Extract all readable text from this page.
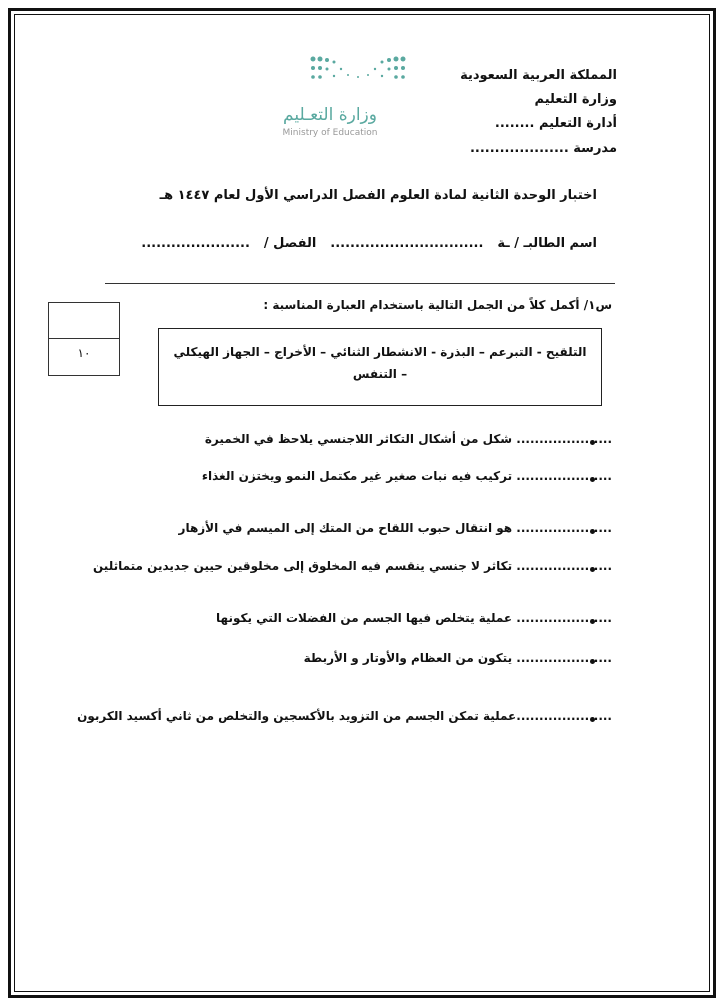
المملكة العربية السعودية
وزارة التعليم
أدارة التعليم ........
مدرسة ....................
وزارة التعـليم
Ministry of Education
اختبار الوحدة الثانية لمادة العلوم الفصل الدراسي الأول لعام ١٤٤٧ هـ
اسم الطالبـ / ـة
...............................
الفصل /
......................
س١/ أكمل كلاً من الجمل التالية باستخدام العبارة المناسبة :
١٠	التلقيح - التبرعم – البذرة - الانشطار الثنائي – الأخراج – الجهاز الهيكلي – التنفس
..................... شكل من أشكال التكاثر اللاجنسي يلاحظ في الخميرة
..................... تركيب فيه نبات صغير غير مكتمل النمو ويختزن الغذاء
..................... هو انتقال حبوب اللقاح من المتك إلى الميسم في الأزهار
..................... تكاثر لا جنسي ينقسم فيه المخلوق إلى مخلوقين حيين جديدين متماثلين
..................... عملية يتخلص فيها الجسم من الفضلات التي يكونها
..................... يتكون من العظام والأوتار و الأربطة
.....................عملية تمكن الجسم من التزويد بالأكسجين والتخلص من ثاني أكسيد الكربون
